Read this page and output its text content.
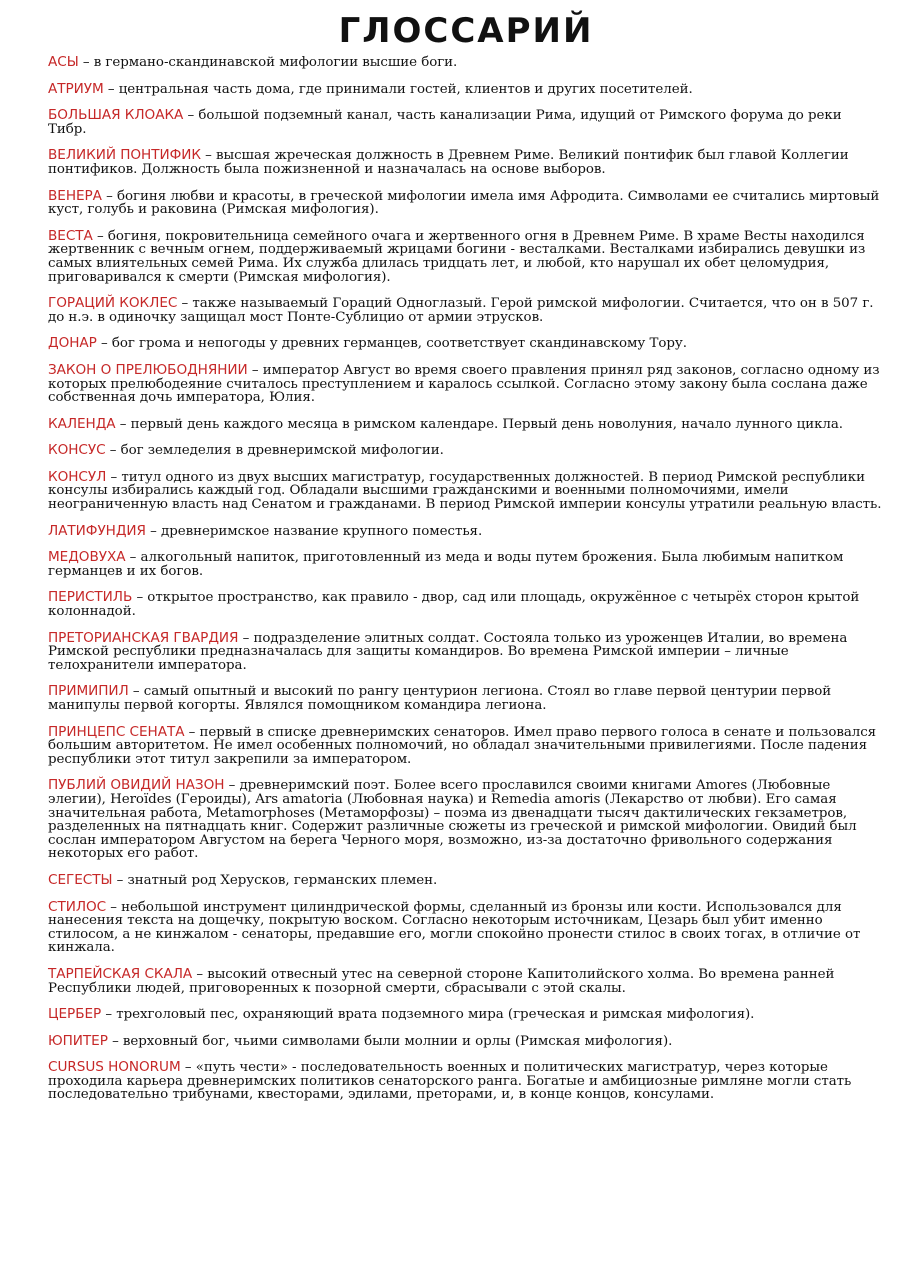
ГЛОССАРИЙ

АСЫ – в германо-скандинавской мифологии высшие боги.

АТРИУМ – центральная часть дома, где принимали гостей, клиентов и других посетителей.

БОЛЬШАЯ КЛОАКА – большой подземный канал, часть канализации Рима, идущий от Римского форума до реки Тибр.

ВЕЛИКИЙ ПОНТИФИК – высшая жреческая должность в Древнем Риме. Великий понтифик был главой Коллегии понтификов. Должность была пожизненной и назначалась на основе выборов.

ВЕНЕРА – богиня любви и красоты, в греческой мифологии имела имя Афродита. Символами ее считались миртовый куст, голубь и раковина (Римская мифология).

ВЕСТА – богиня, покровительница семейного очага и жертвенного огня в Древнем Риме. В храме Весты находился жертвенник с вечным огнем, поддерживаемый жрицами богини - весталками. Весталками избирались девушки из самых влиятельных семей Рима. Их служба длилась тридцать лет, и любой, кто нарушал их обет целомудрия, приговаривался к смерти (Римская мифология).

ГОРАЦИЙ КОКЛЕС – также называемый Гораций Одноглазый. Герой римской мифологии. Считается, что он в 507 г. до н.э. в одиночку защищал мост Понте-Сублицио от армии этрусков.

ДОНАР – бог грома и непогоды у древних германцев, соответствует скандинавскому Тору.

ЗАКОН О ПРЕЛЮБОДНЯНИИ – император Август во время своего правления принял ряд законов, согласно одному из которых прелюбодеяние считалось преступлением и каралось ссылкой. Согласно этому закону была сослана даже собственная дочь императора, Юлия.

КАЛЕНДА – первый день каждого месяца в римском календаре. Первый день новолуния, начало лунного цикла.

КОНСУС – бог земледелия в древнеримской мифологии.

КОНСУЛ – титул одного из двух высших магистратур, государственных должностей. В период Римской республики консулы избирались каждый год. Обладали высшими гражданскими и военными полномочиями, имели неограниченную власть над Сенатом и гражданами. В период Римской империи консулы утратили реальную власть.

ЛАТИФУНДИЯ – древнеримское название крупного поместья.

МЕДОВУХА – алкогольный напиток, приготовленный из меда и воды путем брожения. Была любимым напитком германцев и их богов.

ПЕРИСТИЛЬ – открытое пространство, как правило - двор, сад или площадь, окружённое с четырёх сторон крытой колоннадой.

ПРЕТОРИАНСКАЯ ГВАРДИЯ – подразделение элитных солдат. Состояла только из уроженцев Италии, во времена Римской республики предназначалась для защиты командиров. Во времена Римской империи – личные телохранители императора.

ПРИМИПИЛ – самый опытный и высокий по рангу центурион легиона. Стоял во главе первой центурии первой манипулы первой когорты. Являлся помощником командира легиона.

ПРИНЦЕПС СЕНАТА – первый в списке древнеримских сенаторов. Имел право первого голоса в сенате и пользовался большим авторитетом. Не имел особенных полномочий, но обладал значительными привилегиями. После падения республики этот титул закрепили за императором.

ПУБЛИЙ ОВИДИЙ НАЗОН – древнеримский поэт. Более всего прославился своими книгами Amores (Любовные элегии), Heroïdes (Героиды), Ars amatoria (Любовная наука) и Remedia amoris (Лекарство от любви). Его самая значительная работа, Metamorphoses (Метаморфозы) – поэма из двенадцати тысяч дактилических гекзаметров, разделенных на пятнадцать книг. Содержит различные сюжеты из греческой и римской мифологии. Овидий был сослан императором Августом на берега Черного моря, возможно, из-за достаточно фривольного содержания некоторых его работ.

СЕГЕСТЫ – знатный род Херусков, германских племен.

СТИЛОС – небольшой инструмент цилиндрической формы, сделанный из бронзы или кости. Использовался для нанесения текста на дощечку, покрытую воском. Согласно некоторым источникам, Цезарь был убит именно стилосом, а не кинжалом - сенаторы, предавшие его, могли спокойно пронести стилос в своих тогах, в отличие от кинжала.

ТАРПЕЙСКАЯ СКАЛА – высокий отвесный утес на северной стороне Капитолийского холма. Во времена ранней Республики людей, приговоренных к позорной смерти, сбрасывали с этой скалы.

ЦЕРБЕР – трехголовый пес, охраняющий врата подземного мира (греческая и римская мифология).

ЮПИТЕР – верховный бог, чьими символами были молнии и орлы (Римская мифология).

CURSUS HONORUM – «путь чести» - последовательность военных и политических магистратур, через которые проходила карьера древнеримских политиков сенаторского ранга. Богатые и амбициозные римляне могли стать последовательно трибунами, квесторами, эдилами, преторами, и, в конце концов, консулами.
